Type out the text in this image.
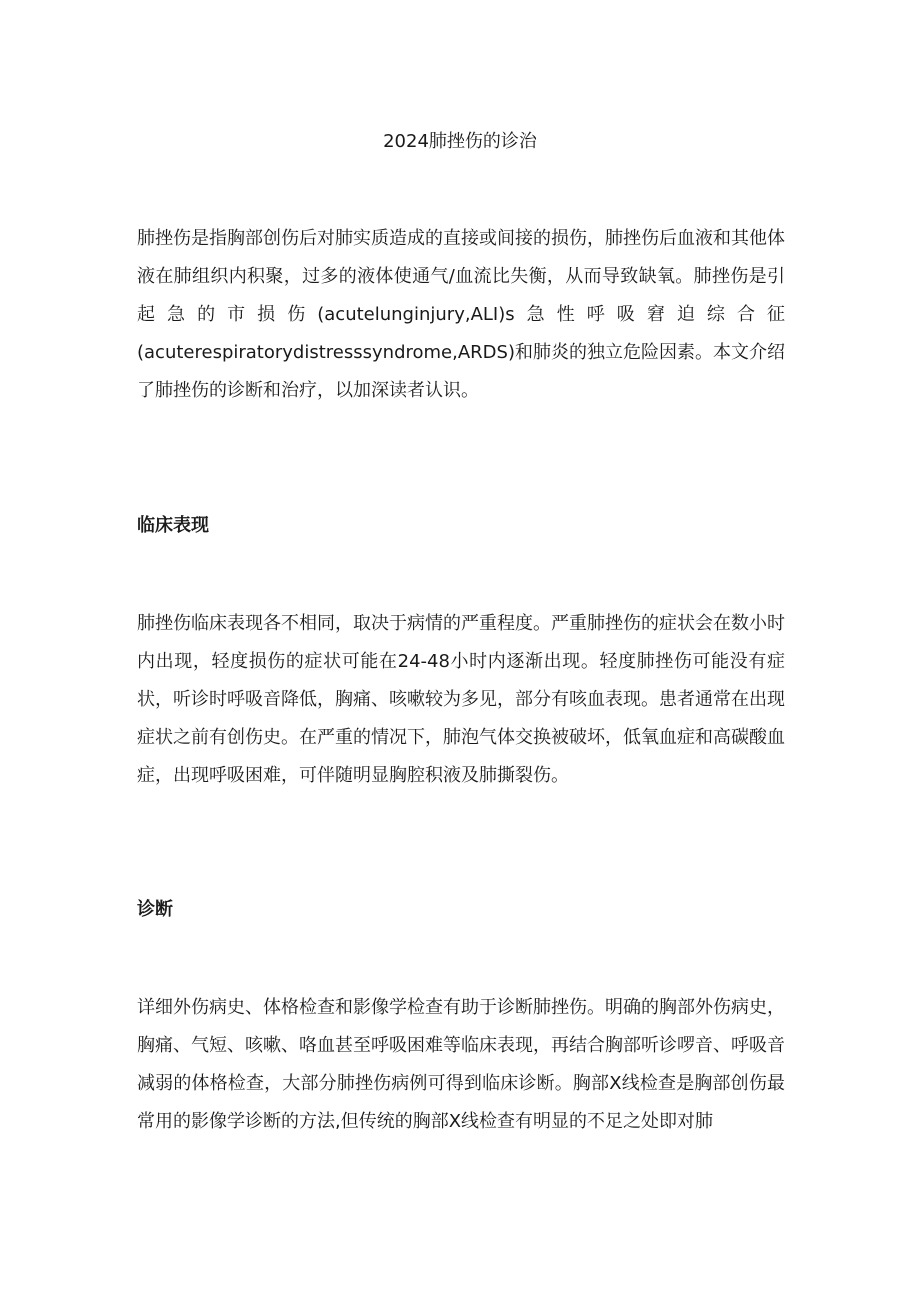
2024肺挫伤的诊治

肺挫伤是指胸部创伤后对肺实质造成的直接或间接的损伤，肺挫伤后血液和其他体液在肺组织内积聚，过多的液体使通气/血流比失衡，从而导致缺氧。肺挫伤是引起急的市损伤(acutelunginjury,ALI)s急性呼吸窘迫综合征(acuterespiratorydistresssyndrome,ARDS)和肺炎的独立危险因素。本文介绍了肺挫伤的诊断和治疗，以加深读者认识。

临床表现

肺挫伤临床表现各不相同，取决于病情的严重程度。严重肺挫伤的症状会在数小时内出现，轻度损伤的症状可能在24-48小时内逐渐出现。轻度肺挫伤可能没有症状，听诊时呼吸音降低，胸痛、咳嗽较为多见，部分有咳血表现。患者通常在出现症状之前有创伤史。在严重的情况下，肺泡气体交换被破坏，低氧血症和高碳酸血症，出现呼吸困难，可伴随明显胸腔积液及肺撕裂伤。

诊断

详细外伤病史、体格检查和影像学检查有助于诊断肺挫伤。明确的胸部外伤病史，胸痛、气短、咳嗽、咯血甚至呼吸困难等临床表现，再结合胸部听诊啰音、呼吸音减弱的体格检查，大部分肺挫伤病例可得到临床诊断。胸部X线检查是胸部创伤最常用的影像学诊断的方法,但传统的胸部X线检查有明显的不足之处即对肺
